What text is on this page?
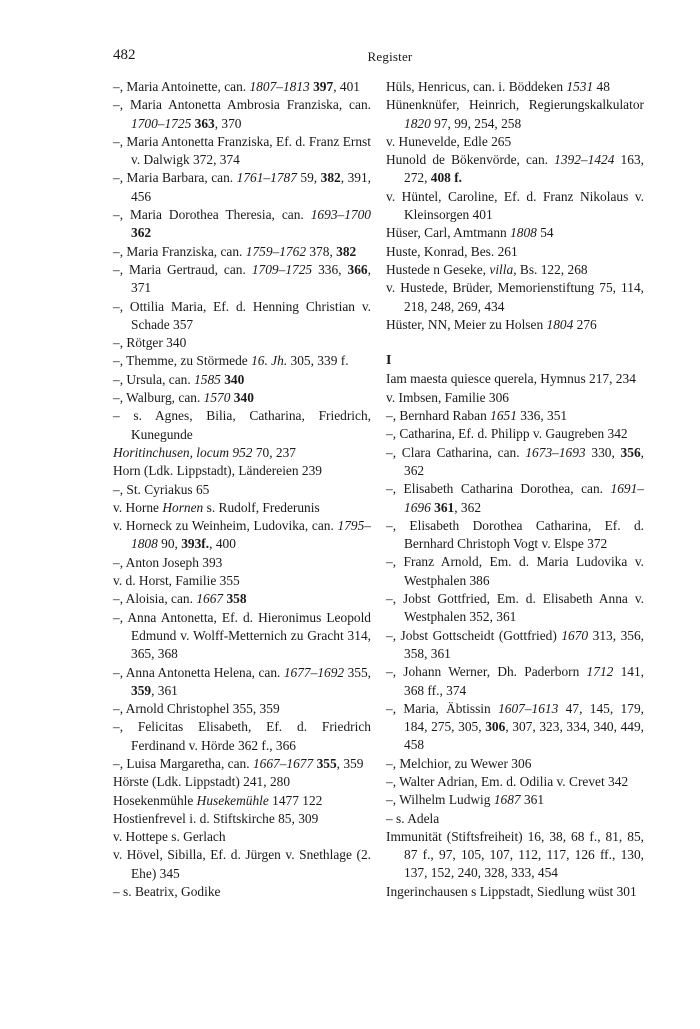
482	Register
–, Maria Antoinette, can. 1807–1813 397, 401
–, Maria Antonetta Ambrosia Franziska, can. 1700–1725 363, 370
–, Maria Antonetta Franziska, Ef. d. Franz Ernst v. Dalwigk 372, 374
–, Maria Barbara, can. 1761–1787 59, 382, 391, 456
–, Maria Dorothea Theresia, can. 1693–1700 362
–, Maria Franziska, can. 1759–1762 378, 382
–, Maria Gertraud, can. 1709–1725 336, 366, 371
–, Ottilia Maria, Ef. d. Henning Christian v. Schade 357
–, Rötger 340
–, Themme, zu Störmede 16. Jh. 305, 339 f.
–, Ursula, can. 1585 340
–, Walburg, can. 1570 340
– s. Agnes, Bilia, Catharina, Friedrich, Kunegunde
Horitinchusen, locum 952 70, 237
Horn (Ldk. Lippstadt), Ländereien 239
–, St. Cyriakus 65
v. Horne Hornen s. Rudolf, Frederunis
v. Horneck zu Weinheim, Ludovika, can. 1795–1808 90, 393f., 400
–, Anton Joseph 393
v. d. Horst, Familie 355
–, Aloisia, can. 1667 358
–, Anna Antonetta, Ef. d. Hieronimus Leopold Edmund v. Wolff-Metternich zu Gracht 314, 365, 368
–, Anna Antonetta Helena, can. 1677–1692 355, 359, 361
–, Arnold Christophel 355, 359
–, Felicitas Elisabeth, Ef. d. Friedrich Ferdinand v. Hörde 362 f., 366
–, Luisa Margaretha, can. 1667–1677 355, 359
Hörste (Ldk. Lippstadt) 241, 280
Hosekenmühle Husekemühle 1477 122
Hostienfrevel i. d. Stiftskirche 85, 309
v. Hottepe s. Gerlach
v. Hövel, Sibilla, Ef. d. Jürgen v. Snethlage (2. Ehe) 345
– s. Beatrix, Godike
Hüls, Henricus, can. i. Böddeken 1531 48
Hünenknüfer, Heinrich, Regierungskalkulator 1820 97, 99, 254, 258
v. Hunevelde, Edle 265
Hunold de Bökenvörde, can. 1392–1424 163, 272, 408 f.
v. Hüntel, Caroline, Ef. d. Franz Nikolaus v. Kleinsorgen 401
Hüser, Carl, Amtmann 1808 54
Huste, Konrad, Bes. 261
Hustede n Geseke, villa, Bs. 122, 268
v. Hustede, Brüder, Memorienstiftung 75, 114, 218, 248, 269, 434
Hüster, NN, Meier zu Holsen 1804 276
I
Iam maesta quiesce querela, Hymnus 217, 234
v. Imbsen, Familie 306
–, Bernhard Raban 1651 336, 351
–, Catharina, Ef. d. Philipp v. Gaugreben 342
–, Clara Catharina, can. 1673–1693 330, 356, 362
–, Elisabeth Catharina Dorothea, can. 1691–1696 361, 362
–, Elisabeth Dorothea Catharina, Ef. d. Bernhard Christoph Vogt v. Elspe 372
–, Franz Arnold, Em. d. Maria Ludovika v. Westphalen 386
–, Jobst Gottfried, Em. d. Elisabeth Anna v. Westphalen 352, 361
–, Jobst Gottscheidt (Gottfried) 1670 313, 356, 358, 361
–, Johann Werner, Dh. Paderborn 1712 141, 368 ff., 374
–, Maria, Äbtissin 1607–1613 47, 145, 179, 184, 275, 305, 306, 307, 323, 334, 340, 449, 458
–, Melchior, zu Wewer 306
–, Walter Adrian, Em. d. Odilia v. Crevet 342
–, Wilhelm Ludwig 1687 361
– s. Adela
Immunität (Stiftsfreiheit) 16, 38, 68 f., 81, 85, 87 f., 97, 105, 107, 112, 117, 126 ff., 130, 137, 152, 240, 328, 333, 454
Ingerinchausen s Lippstadt, Siedlung wüst 301
